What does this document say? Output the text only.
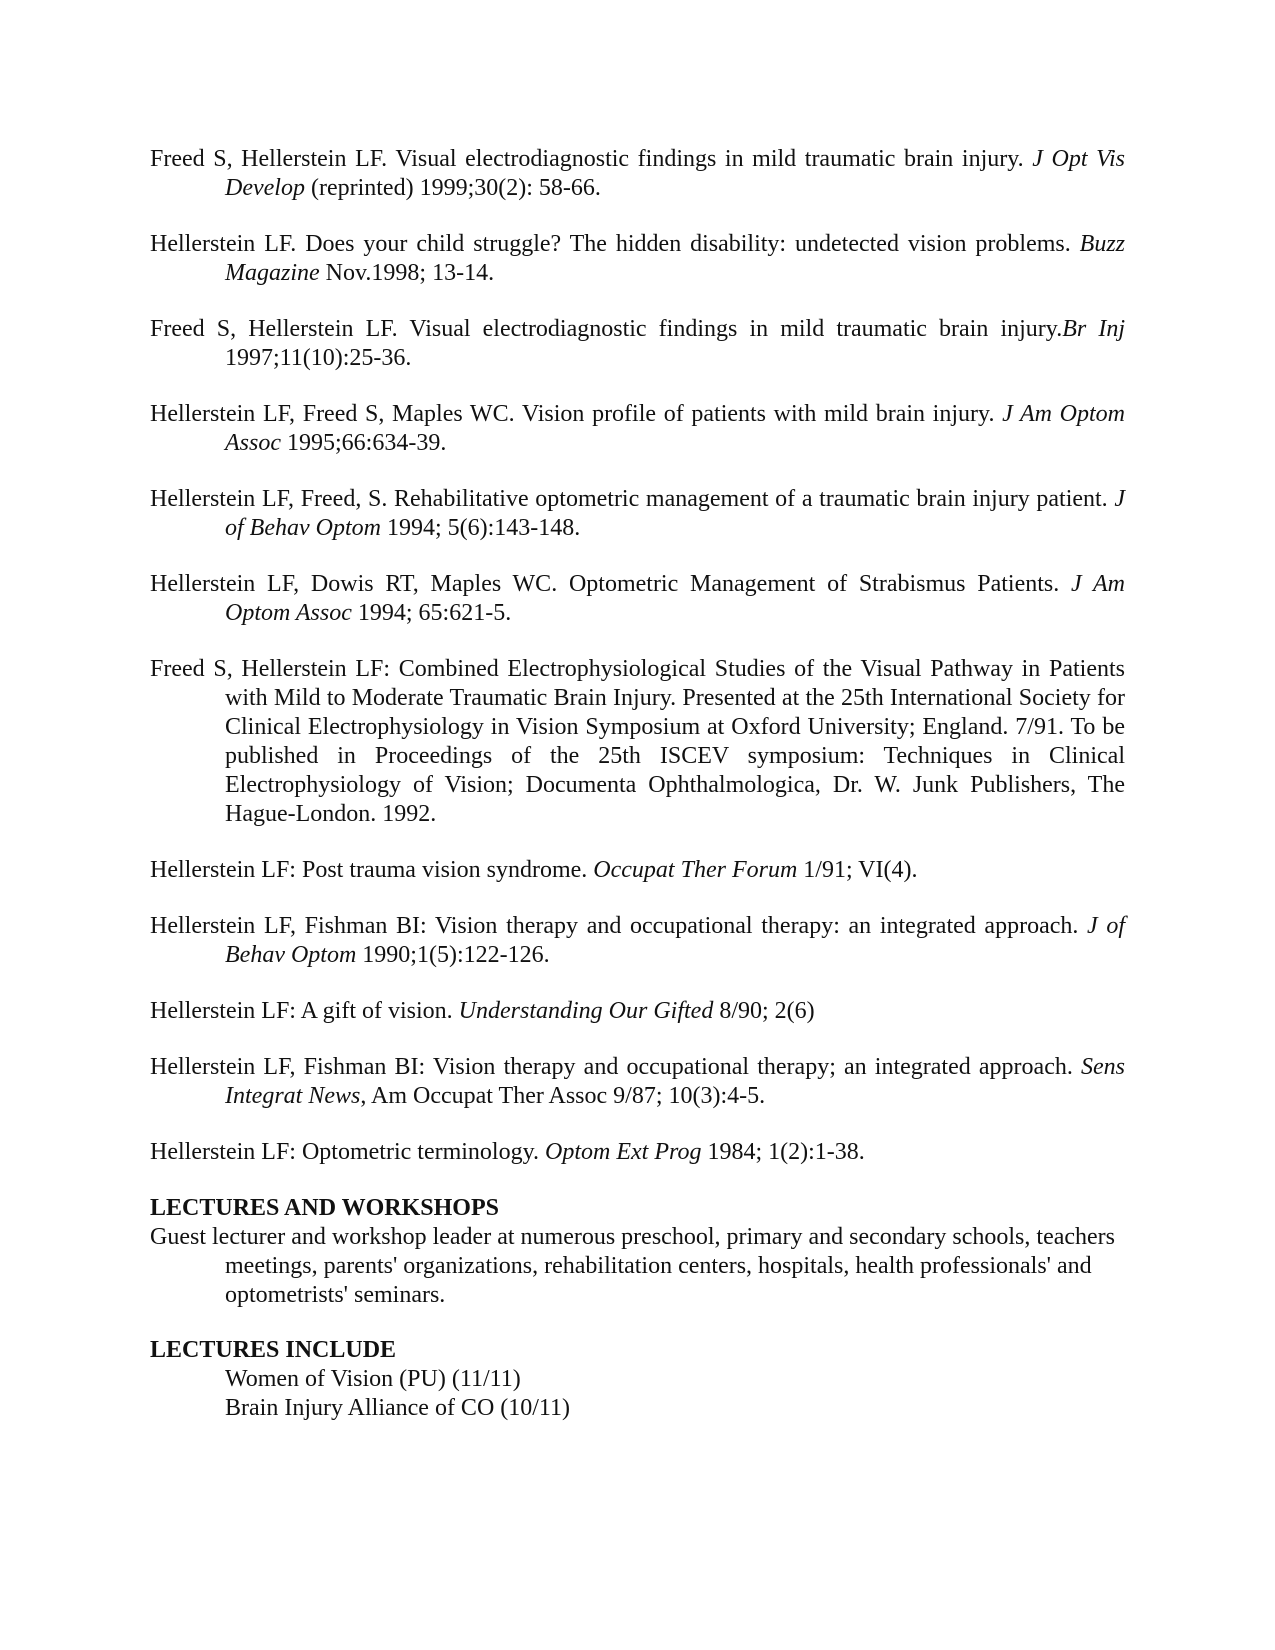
Freed S, Hellerstein LF. Visual electrodiagnostic findings in mild traumatic brain injury. J Opt Vis Develop (reprinted) 1999;30(2): 58-66.

Hellerstein LF. Does your child struggle? The hidden disability: undetected vision problems. Buzz Magazine Nov.1998; 13-14.

Freed S, Hellerstein LF. Visual electrodiagnostic findings in mild traumatic brain injury.Br Inj 1997;11(10):25-36.

Hellerstein LF, Freed S, Maples WC. Vision profile of patients with mild brain injury. J Am Optom Assoc 1995;66:634-39.

Hellerstein LF, Freed, S. Rehabilitative optometric management of a traumatic brain injury patient. J of Behav Optom 1994; 5(6):143-148.

Hellerstein LF, Dowis RT, Maples WC. Optometric Management of Strabismus Patients. J Am Optom Assoc 1994; 65:621-5.

Freed S, Hellerstein LF: Combined Electrophysiological Studies of the Visual Pathway in Patients with Mild to Moderate Traumatic Brain Injury. Presented at the 25th International Society for Clinical Electrophysiology in Vision Symposium at Oxford University; England. 7/91. To be published in Proceedings of the 25th ISCEV symposium: Techniques in Clinical Electrophysiology of Vision; Documenta Ophthalmologica, Dr. W. Junk Publishers, The Hague-London. 1992.

Hellerstein LF: Post trauma vision syndrome. Occupat Ther Forum 1/91; VI(4).

Hellerstein LF, Fishman BI: Vision therapy and occupational therapy: an integrated approach. J of Behav Optom 1990;1(5):122-126.

Hellerstein LF: A gift of vision. Understanding Our Gifted 8/90; 2(6)

Hellerstein LF, Fishman BI: Vision therapy and occupational therapy; an integrated approach. Sens Integrat News, Am Occupat Ther Assoc 9/87; 10(3):4-5.

Hellerstein LF: Optometric terminology. Optom Ext Prog 1984; 1(2):1-38.

LECTURES AND WORKSHOPS

Guest lecturer and workshop leader at numerous preschool, primary and secondary schools, teachers meetings, parents' organizations, rehabilitation centers, hospitals, health professionals' and optometrists' seminars.

LECTURES INCLUDE
Women of Vision (PU) (11/11)
Brain Injury Alliance of CO (10/11)
